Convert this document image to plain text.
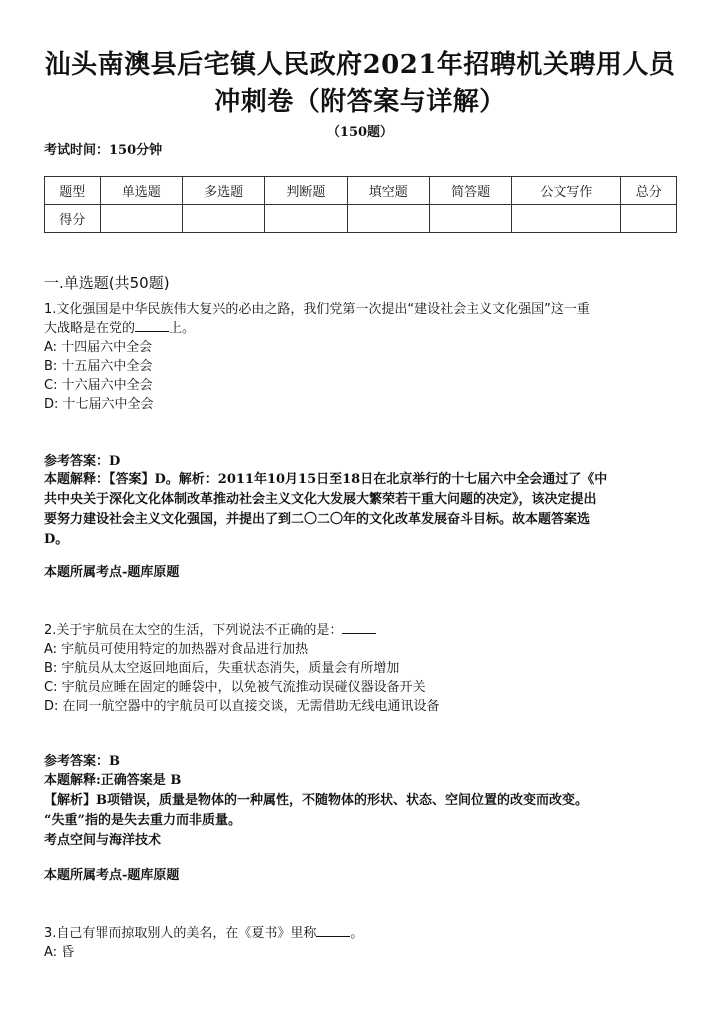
汕头南澳县后宅镇人民政府2021年招聘机关聘用人员
冲刺卷（附答案与详解）
（150题）
考试时间：150分钟
题型	单选题	多选题	判断题	填空题	简答题	公文写作	总分
得分							
一.单选题(共50题)
1.文化强国是中华民族伟大复兴的必由之路，我们党第一次提出“建设社会主义文化强国”这一重
大战略是在党的	上。
A: 十四届六中全会
B: 十五届六中全会
C: 十六届六中全会
D: 十七届六中全会
参考答案：D
本题解释：【答案】D。解析：2011年10月15日至18日在北京举行的十七届六中全会通过了《中
共中央关于深化文化体制改革推动社会主义文化大发展大繁荣若干重大问题的决定》，该决定提出
要努力建设社会主义文化强国，并提出了到二〇二〇年的文化改革发展奋斗目标。故本题答案选
D。
本题所属考点-题库原题
2.关于宇航员在太空的生活，下列说法不正确的是：
A: 宇航员可使用特定的加热器对食品进行加热
B: 宇航员从太空返回地面后，失重状态消失，质量会有所增加
C: 宇航员应睡在固定的睡袋中，以免被气流推动误碰仪器设备开关
D: 在同一航空器中的宇航员可以直接交谈，无需借助无线电通讯设备
参考答案：B
本题解释:正确答案是 B
【解析】B项错误，质量是物体的一种属性，不随物体的形状、状态、空间位置的改变而改变。
“失重”指的是失去重力而非质量。
考点空间与海洋技术
本题所属考点-题库原题
3.自己有罪而掠取别人的美名，在《夏书》里称	。
A: 昏
